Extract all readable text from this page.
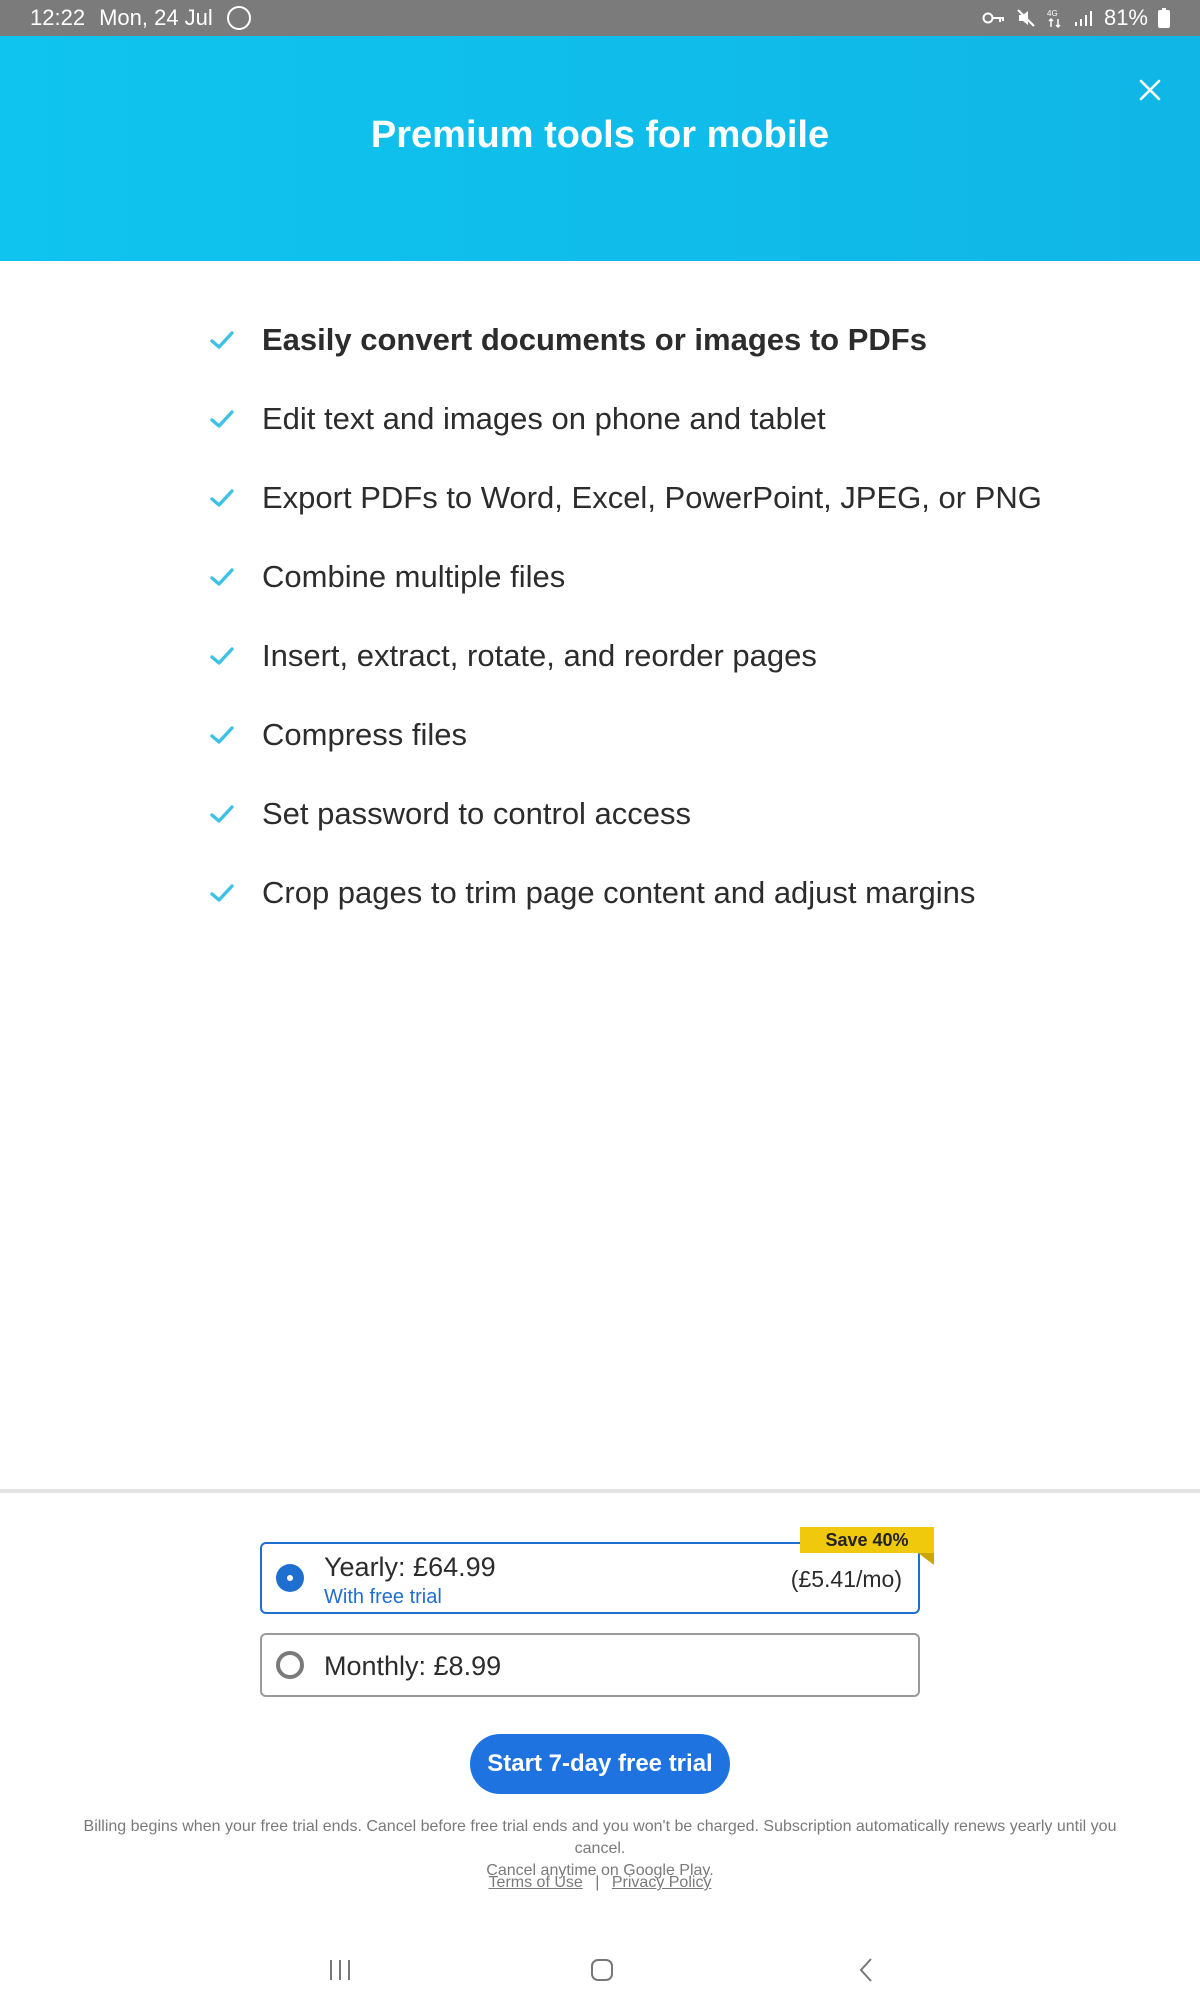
12:22 Mon, 24 Jul	4G 81%
Premium tools for mobile
Easily convert documents or images to PDFs
Edit text and images on phone and tablet
Export PDFs to Word, Excel, PowerPoint, JPEG, or PNG
Combine multiple files
Insert, extract, rotate, and reorder pages
Compress files
Set password to control access
Crop pages to trim page content and adjust margins
Yearly: £64.99
With free trial
(£5.41/mo)
Save 40%
Monthly: £8.99
Start 7-day free trial
Billing begins when your free trial ends. Cancel before free trial ends and you won't be charged. Subscription automatically renews yearly until you cancel.
Cancel anytime on Google Play.
Terms of Use | Privacy Policy
